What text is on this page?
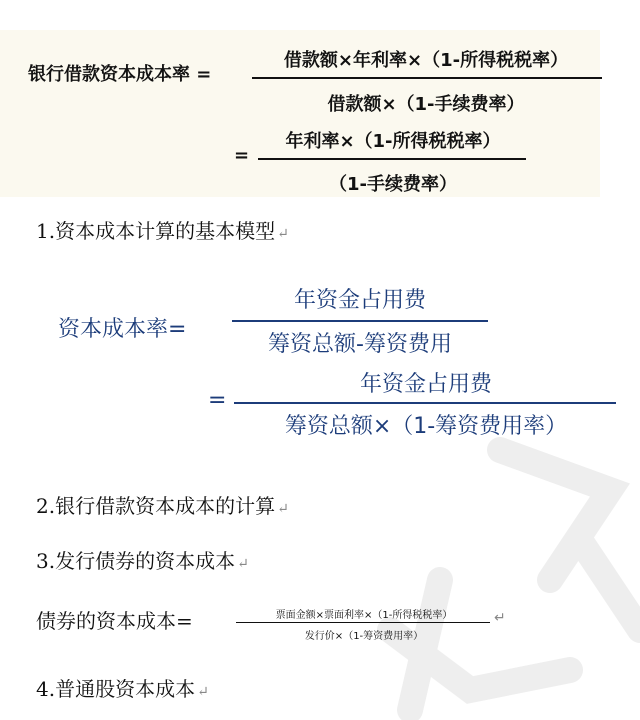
银行借款资本成本率 =
借款额×年利率×（1-所得税税率）
借款额×（1-手续费率）
=
年利率×（1-所得税税率）
（1-手续费率）
1.资本成本计算的基本模型 ↵
资本成本率=
年资金占用费
筹资总额-筹资费用
=
年资金占用费
筹资总额×（1-筹资费用率）
2.银行借款资本成本的计算 ↵
3.发行债券的资本成本 ↵
债券的资本成本=	票面金额×票面利率×（1-所得税税率）
发行价×（1-筹资费用率）
↵
4.普通股资本成本 ↵
